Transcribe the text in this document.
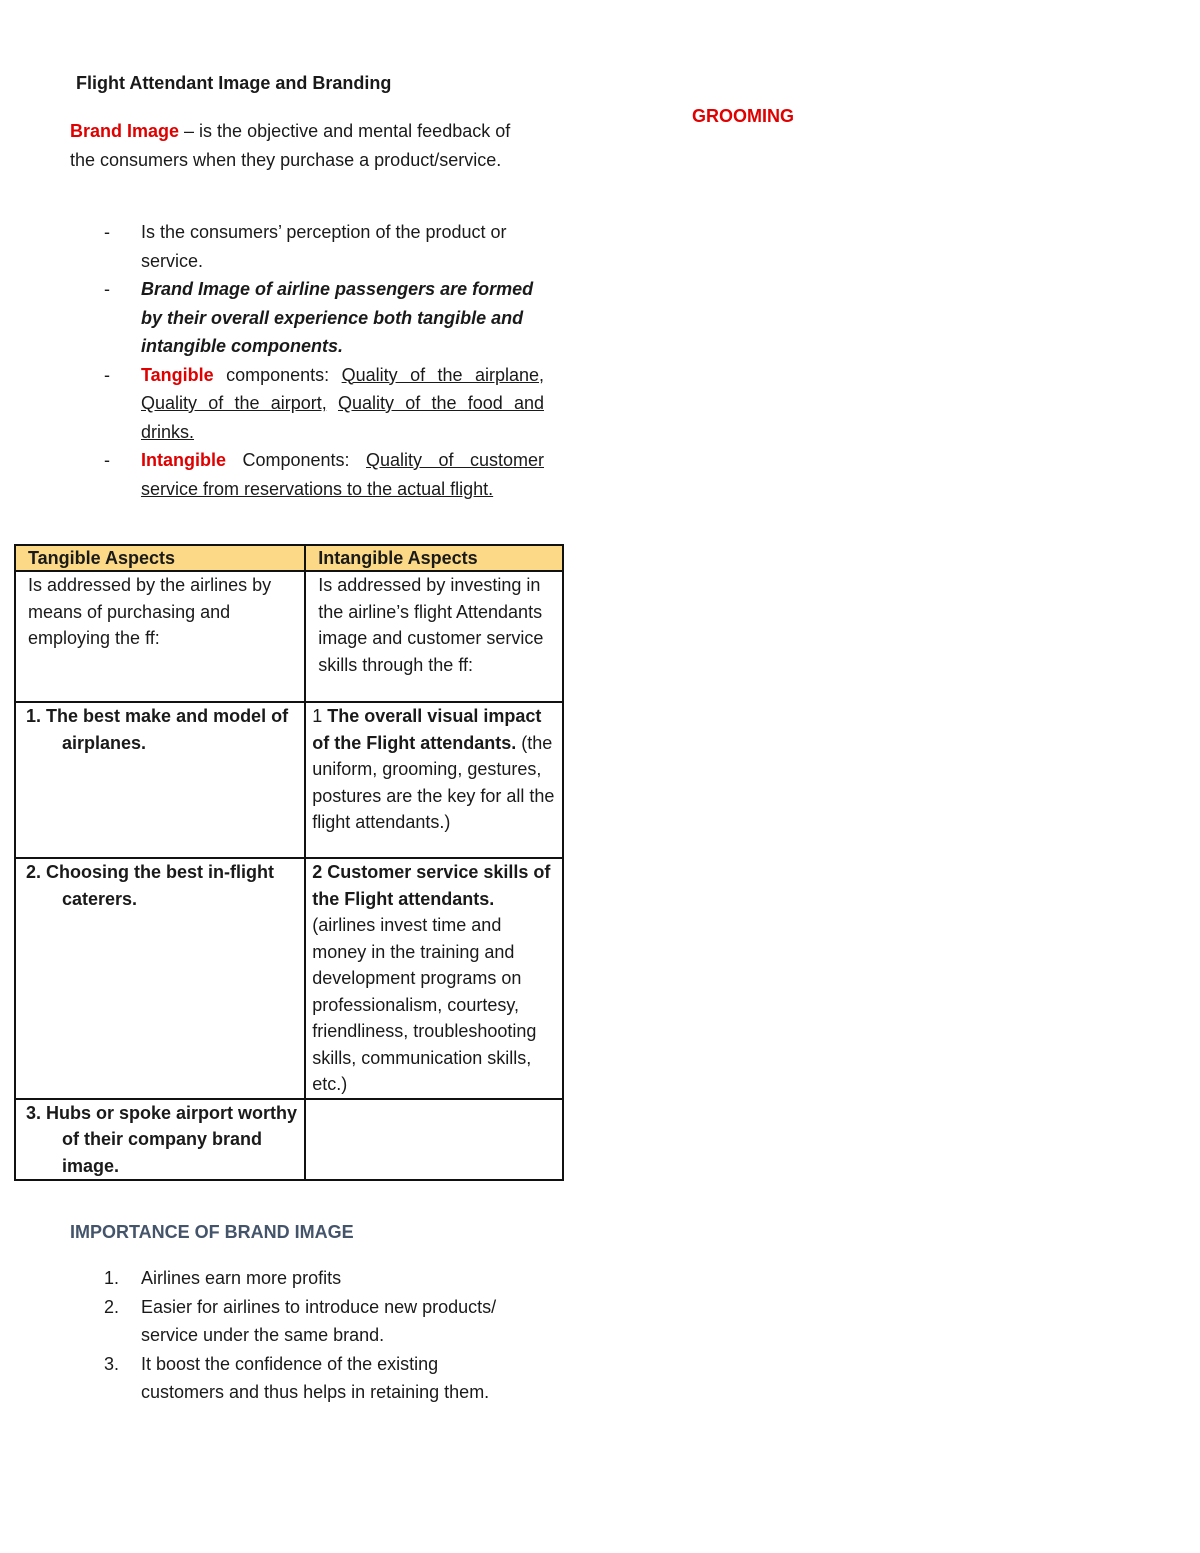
Flight Attendant Image and Branding
GROOMING
Brand Image – is the objective and mental feedback of the consumers when they purchase a product/service.
- Is the consumers’ perception of the product or service.
- Brand Image of airline passengers are formed by their overall experience both tangible and intangible components.
- Tangible components: Quality of the airplane, Quality of the airport, Quality of the food and drinks.
- Intangible Components: Quality of customer service from reservations to the actual flight.
Tangible Aspects	Intangible Aspects
Is addressed by the airlines by means of purchasing and employing the ff:	Is addressed by investing in the airline’s flight Attendants image and customer service skills through the ff:

1. The best make and model of airplanes.	1 The overall visual impact of the Flight attendants. (the uniform, grooming, gestures, postures are the key for all the flight attendants.)

2. Choosing the best in-flight caterers.	2 Customer service skills of the Flight attendants. (airlines invest time and money in the training and development programs on professionalism, courtesy, friendliness, troubleshooting skills, communication skills, etc.)

3. Hubs or spoke airport worthy of their company brand image.	

IMPORTANCE OF BRAND IMAGE
1. Airlines earn more profits
2. Easier for airlines to introduce new products/ service under the same brand.
3. It boost the confidence of the existing customers and thus helps in retaining them.
